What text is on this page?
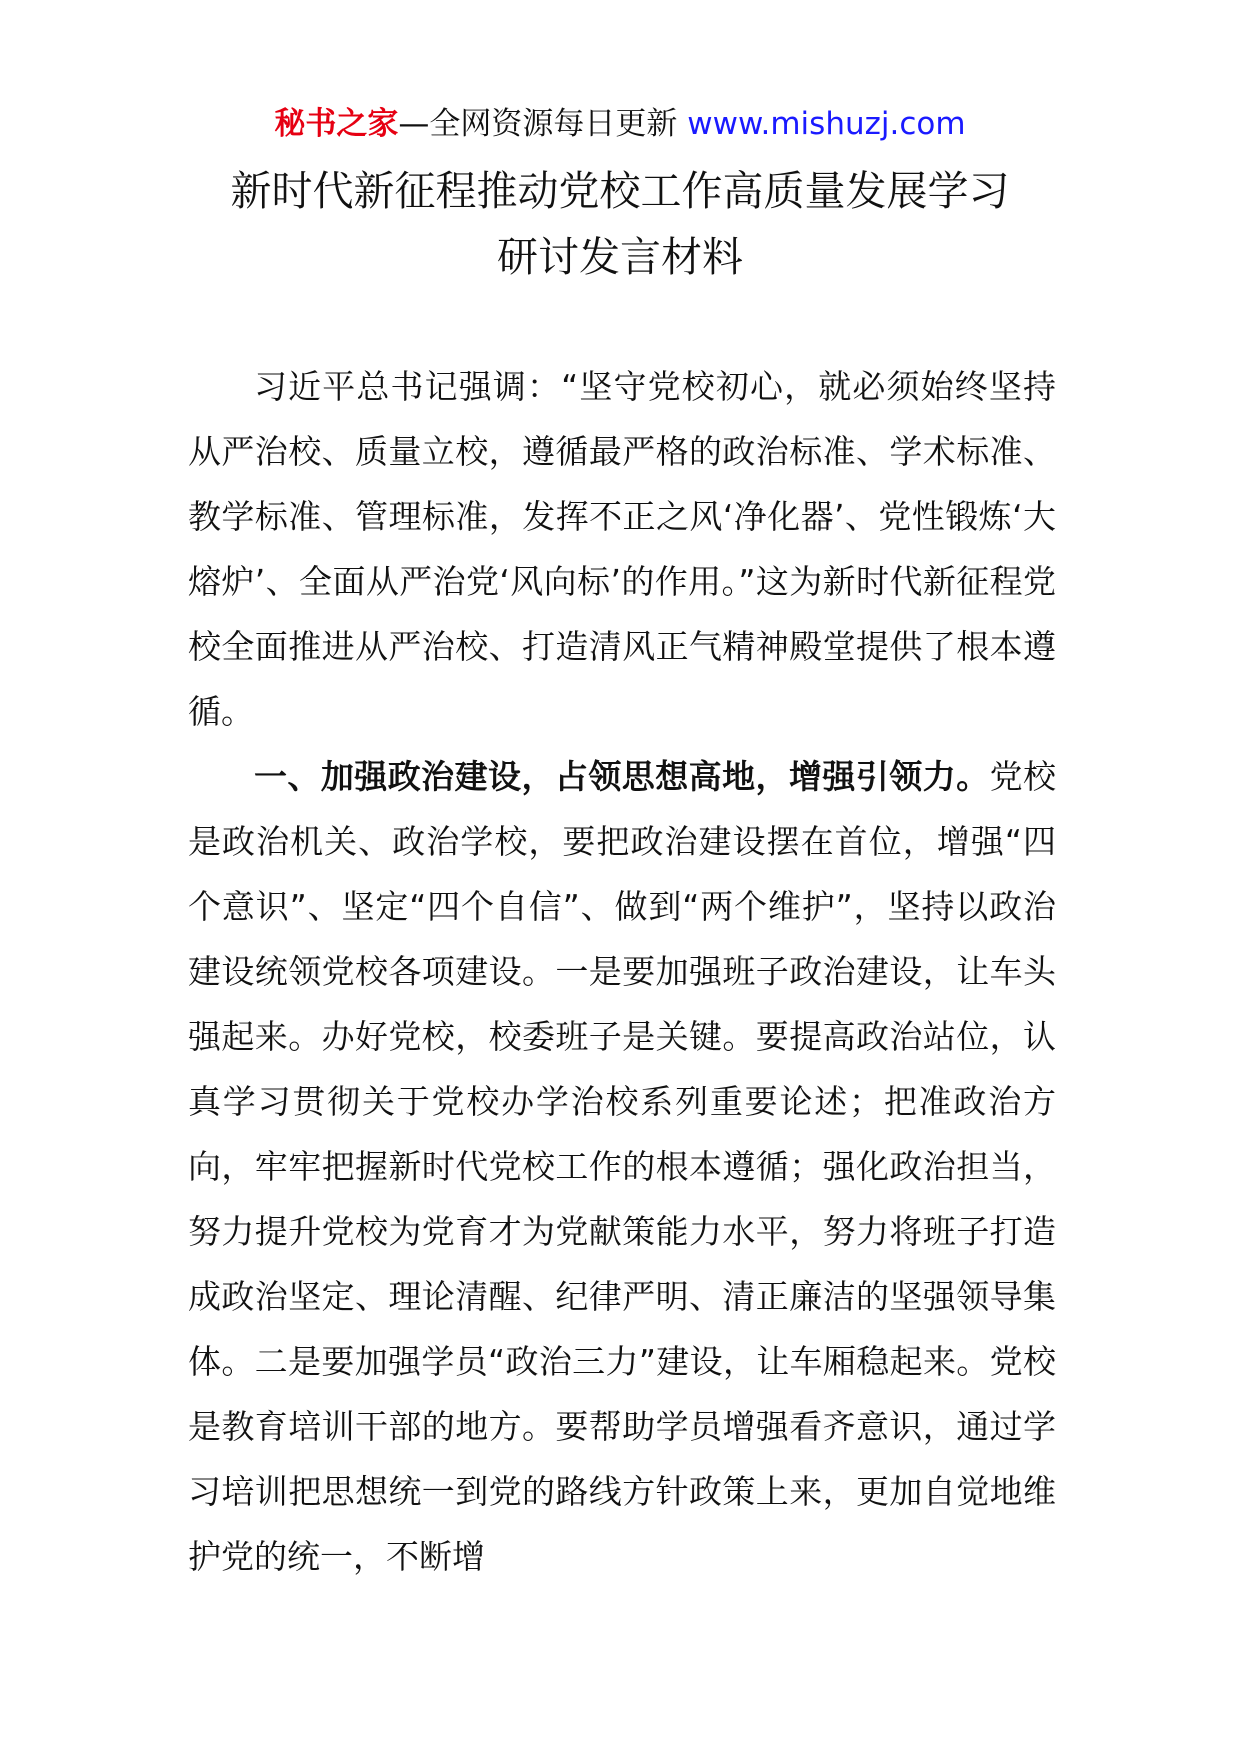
秘书之家—全网资源每日更新 www.mishuzj.com
新时代新征程推动党校工作高质量发展学习
研讨发言材料

习近平总书记强调：“坚守党校初心，就必须始终坚持从严治校、质量立校，遵循最严格的政治标准、学术标准、教学标准、管理标准，发挥不正之风‘净化器’、党性锻炼‘大熔炉’、全面从严治党‘风向标’的作用。”这为新时代新征程党校全面推进从严治校、打造清风正气精神殿堂提供了根本遵循。

一、加强政治建设，占领思想高地，增强引领力。党校是政治机关、政治学校，要把政治建设摆在首位，增强“四个意识”、坚定“四个自信”、做到“两个维护”，坚持以政治建设统领党校各项建设。一是要加强班子政治建设，让车头强起来。办好党校，校委班子是关键。要提高政治站位，认真学习贯彻关于党校办学治校系列重要论述；把准政治方向，牢牢把握新时代党校工作的根本遵循；强化政治担当，努力提升党校为党育才为党献策能力水平，努力将班子打造成政治坚定、理论清醒、纪律严明、清正廉洁的坚强领导集体。二是要加强学员“政治三力”建设，让车厢稳起来。党校是教育培训干部的地方。要帮助学员增强看齐意识，通过学习培训把思想统一到党的路线方针政策上来，更加自觉地维护党的统一，不断增
